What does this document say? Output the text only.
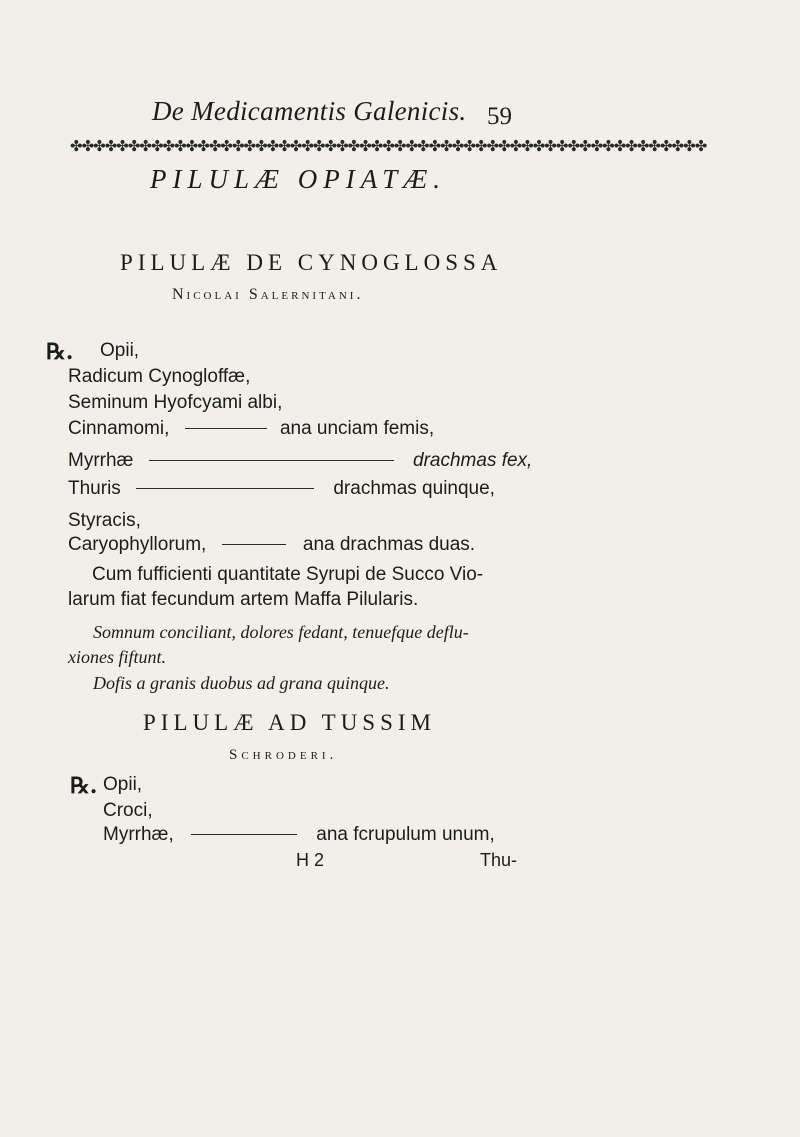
De Medicamentis Galenicis. 59
✤✤✤✤✤✤✤✤✤✤✤✤✤✤✤✤✤✤✤✤✤✤✤✤✤✤✤✤✤✤✤✤✤✤✤✤✤✤✤✤✤✤✤✤✤✤✤✤✤✤✤✤✤✤✤
PILULÆ OPIATÆ.
PILULÆ DE CYNOGLOSSA
Nicolai Salernitani.
℞. Opii,
Radicum Cynogloffæ,
Seminum Hyofcyami albi,
Cinnamomi,	ana unciam femis,
Myrrhæ	drachmas fex,
Thuris	drachmas quinque,
Styracis,
Caryophyllorum,	ana drachmas duas.
Cum fufficienti quantitate Syrupi de Succo Vio-
larum fiat fecundum artem Maffa Pilularis.
Somnum conciliant, dolores fedant, tenuefque deflu-
xiones fiftunt.
Dofis a granis duobus ad grana quinque.
PILULÆ AD TUSSIM
Schroderi.
℞. Opii,
Croci,
Myrrhæ,	ana fcrupulum unum,
H 2	Thu-
